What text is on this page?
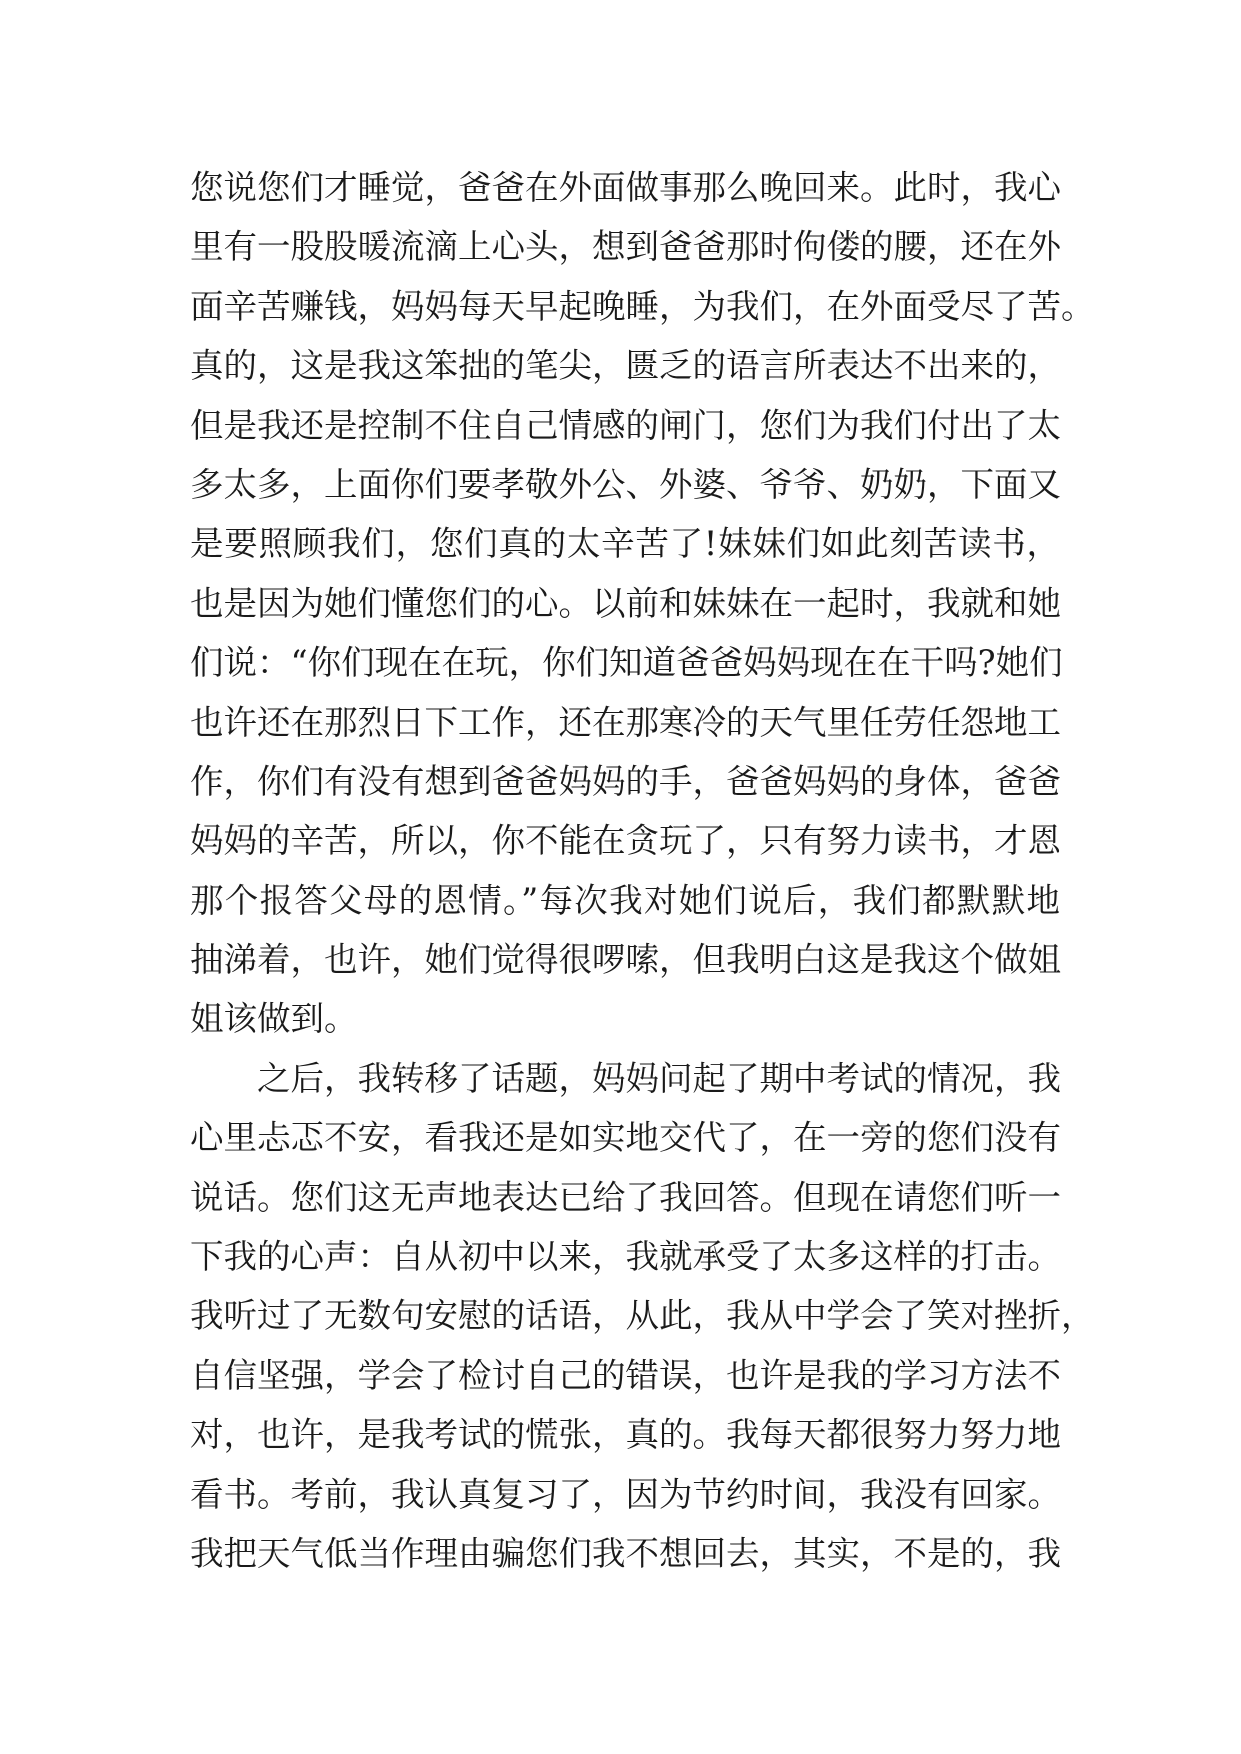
您说您们才睡觉，爸爸在外面做事那么晚回来。此时，我心
里有一股股暖流滴上心头，想到爸爸那时佝偻的腰，还在外
面辛苦赚钱，妈妈每天早起晚睡，为我们，在外面受尽了苦。
真的，这是我这笨拙的笔尖，匮乏的语言所表达不出来的，
但是我还是控制不住自己情感的闸门，您们为我们付出了太
多太多，上面你们要孝敬外公、外婆、爷爷、奶奶，下面又
是要照顾我们，您们真的太辛苦了!妹妹们如此刻苦读书，
也是因为她们懂您们的心。以前和妹妹在一起时，我就和她
们说：“你们现在在玩，你们知道爸爸妈妈现在在干吗?她们
也许还在那烈日下工作，还在那寒冷的天气里任劳任怨地工
作，你们有没有想到爸爸妈妈的手，爸爸妈妈的身体，爸爸
妈妈的辛苦，所以，你不能在贪玩了，只有努力读书，才恩
那个报答父母的恩情。”每次我对她们说后，我们都默默地
抽涕着，也许，她们觉得很啰嗦，但我明白这是我这个做姐
姐该做到。
之后，我转移了话题，妈妈问起了期中考试的情况，我
心里忐忑不安，看我还是如实地交代了，在一旁的您们没有
说话。您们这无声地表达已给了我回答。但现在请您们听一
下我的心声：自从初中以来，我就承受了太多这样的打击。
我听过了无数句安慰的话语，从此，我从中学会了笑对挫折，
自信坚强，学会了检讨自己的错误，也许是我的学习方法不
对，也许，是我考试的慌张，真的。我每天都很努力努力地
看书。考前，我认真复习了，因为节约时间，我没有回家。
我把天气低当作理由骗您们我不想回去，其实，不是的，我
